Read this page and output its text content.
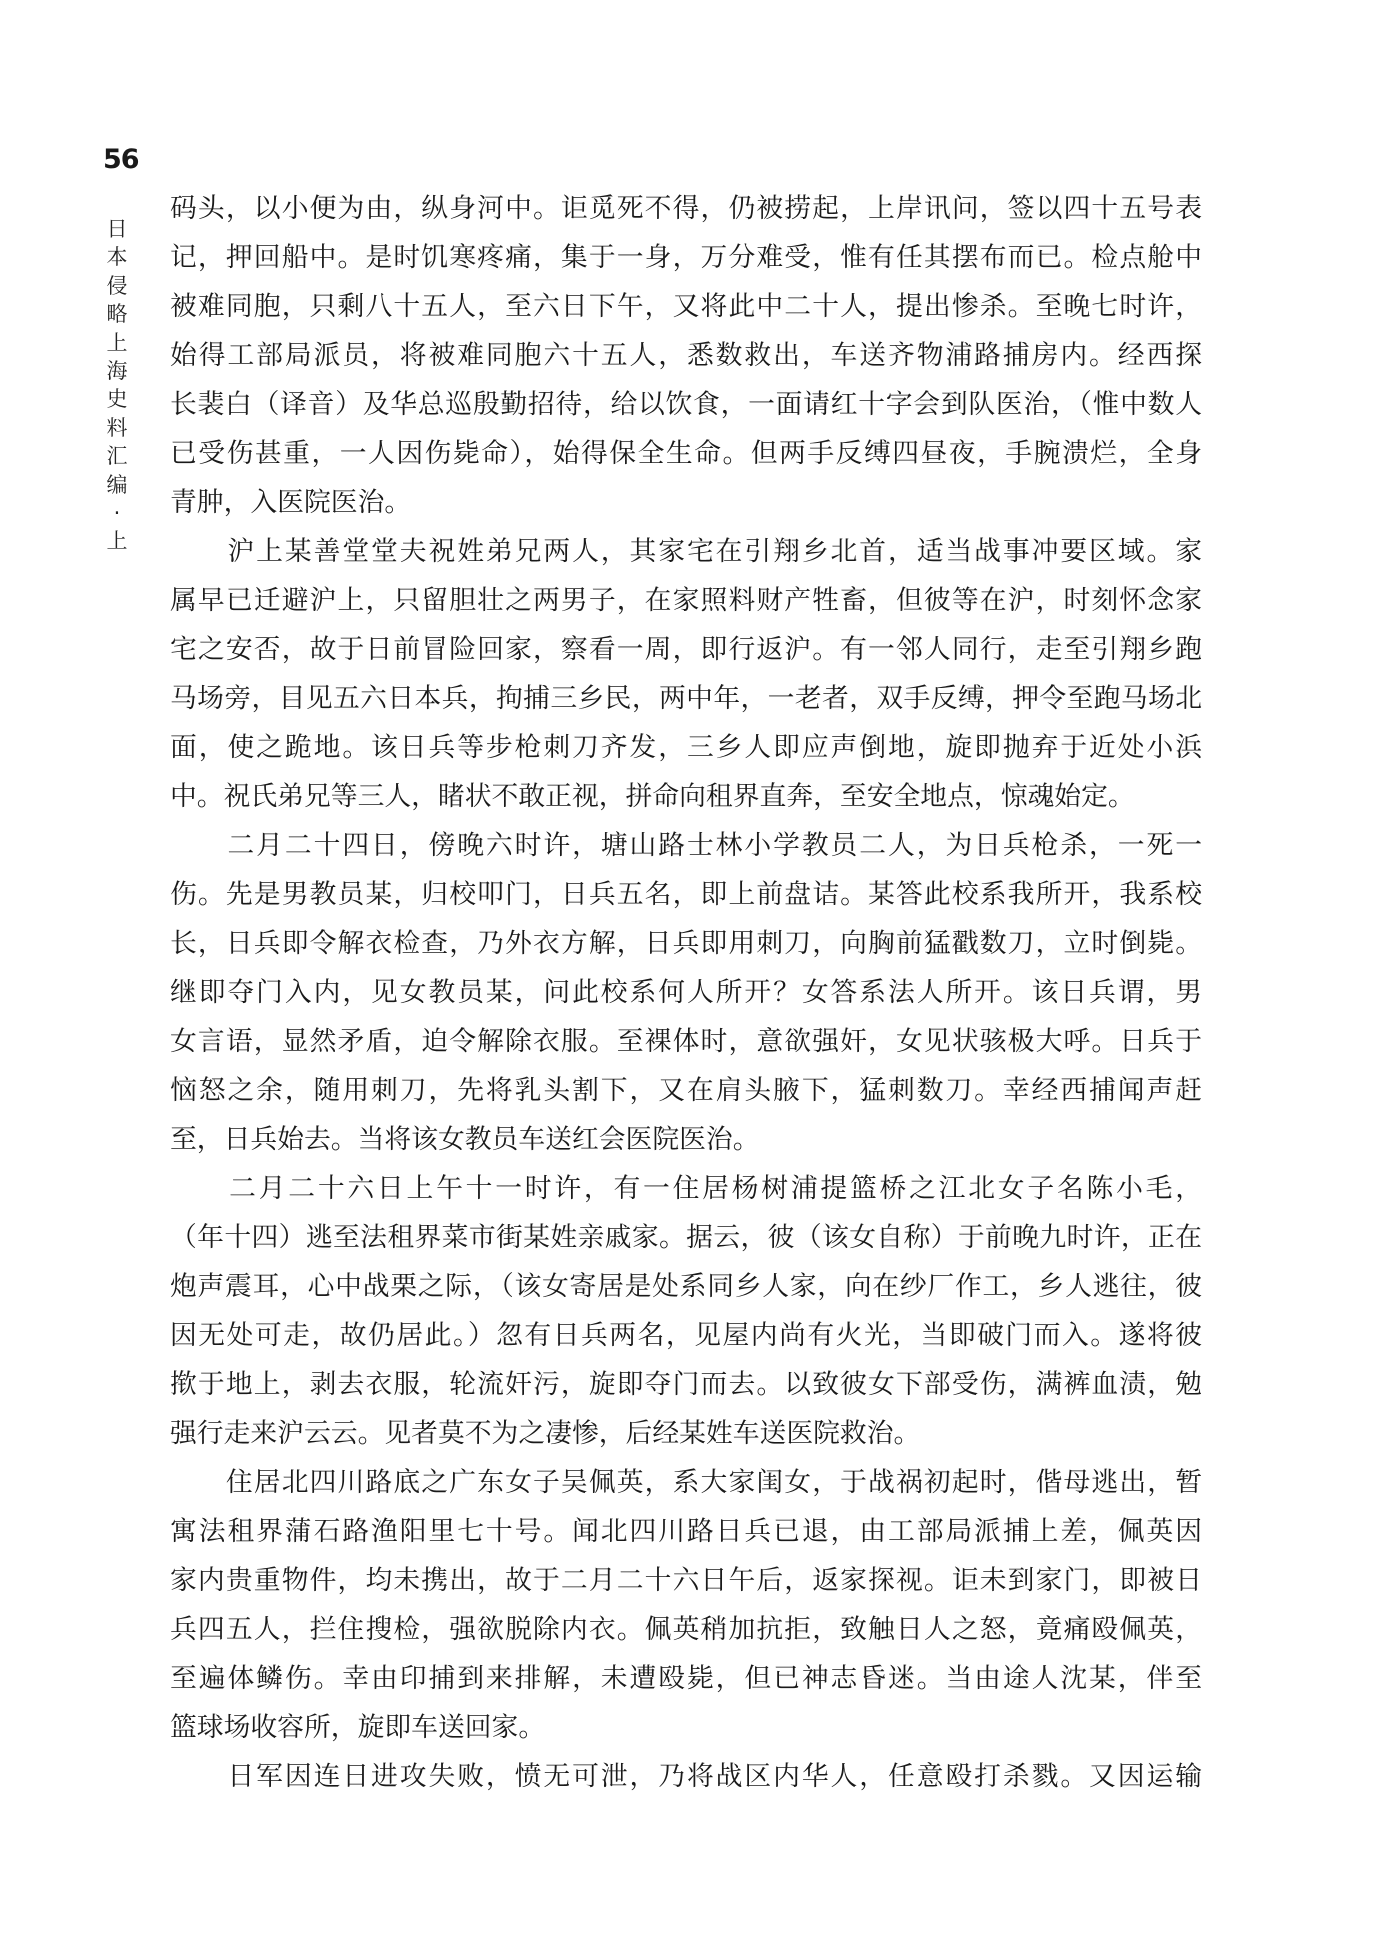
56
日本侵略上海史料汇编·上
码头，以小便为由，纵身河中。讵觅死不得，仍被捞起，上岸讯问，签以四十五号表
记，押回船中。是时饥寒疼痛，集于一身，万分难受，惟有任其摆布而已。检点舱中
被难同胞，只剩八十五人，至六日下午，又将此中二十人，提出惨杀。至晚七时许，
始得工部局派员，将被难同胞六十五人，悉数救出，车送齐物浦路捕房内。经西探
长裴白（译音）及华总巡殷勤招待，给以饮食，一面请红十字会到队医治，（惟中数人
已受伤甚重，一人因伤毙命），始得保全生命。但两手反缚四昼夜，手腕溃烂，全身
青肿，入医院医治。
　　沪上某善堂堂夫祝姓弟兄两人，其家宅在引翔乡北首，适当战事冲要区域。家
属早已迁避沪上，只留胆壮之两男子，在家照料财产牲畜，但彼等在沪，时刻怀念家
宅之安否，故于日前冒险回家，察看一周，即行返沪。有一邻人同行，走至引翔乡跑
马场旁，目见五六日本兵，拘捕三乡民，两中年，一老者，双手反缚，押令至跑马场北
面，使之跪地。该日兵等步枪刺刀齐发，三乡人即应声倒地，旋即抛弃于近处小浜
中。祝氏弟兄等三人，睹状不敢正视，拼命向租界直奔，至安全地点，惊魂始定。
　　二月二十四日，傍晚六时许，塘山路士林小学教员二人，为日兵枪杀，一死一
伤。先是男教员某，归校叩门，日兵五名，即上前盘诘。某答此校系我所开，我系校
长，日兵即令解衣检查，乃外衣方解，日兵即用刺刀，向胸前猛戳数刀，立时倒毙。
继即夺门入内，见女教员某，问此校系何人所开？女答系法人所开。该日兵谓，男
女言语，显然矛盾，迫令解除衣服。至裸体时，意欲强奸，女见状骇极大呼。日兵于
恼怒之余，随用刺刀，先将乳头割下，又在肩头腋下，猛刺数刀。幸经西捕闻声赶
至，日兵始去。当将该女教员车送红会医院医治。
　　二月二十六日上午十一时许，有一住居杨树浦提篮桥之江北女子名陈小毛，
（年十四）逃至法租界菜市街某姓亲戚家。据云，彼（该女自称）于前晚九时许，正在
炮声震耳，心中战栗之际，（该女寄居是处系同乡人家，向在纱厂作工，乡人逃往，彼
因无处可走，故仍居此。）忽有日兵两名，见屋内尚有火光，当即破门而入。遂将彼
揿于地上，剥去衣服，轮流奸污，旋即夺门而去。以致彼女下部受伤，满裤血渍，勉
强行走来沪云云。见者莫不为之凄惨，后经某姓车送医院救治。
　　住居北四川路底之广东女子吴佩英，系大家闺女，于战祸初起时，偕母逃出，暂
寓法租界蒲石路渔阳里七十号。闻北四川路日兵已退，由工部局派捕上差，佩英因
家内贵重物件，均未携出，故于二月二十六日午后，返家探视。讵未到家门，即被日
兵四五人，拦住搜检，强欲脱除内衣。佩英稍加抗拒，致触日人之怒，竟痛殴佩英，
至遍体鳞伤。幸由印捕到来排解，未遭殴毙，但已神志昏迷。当由途人沈某，伴至
篮球场收容所，旋即车送回家。
　　日军因连日进攻失败，愤无可泄，乃将战区内华人，任意殴打杀戮。又因运输
